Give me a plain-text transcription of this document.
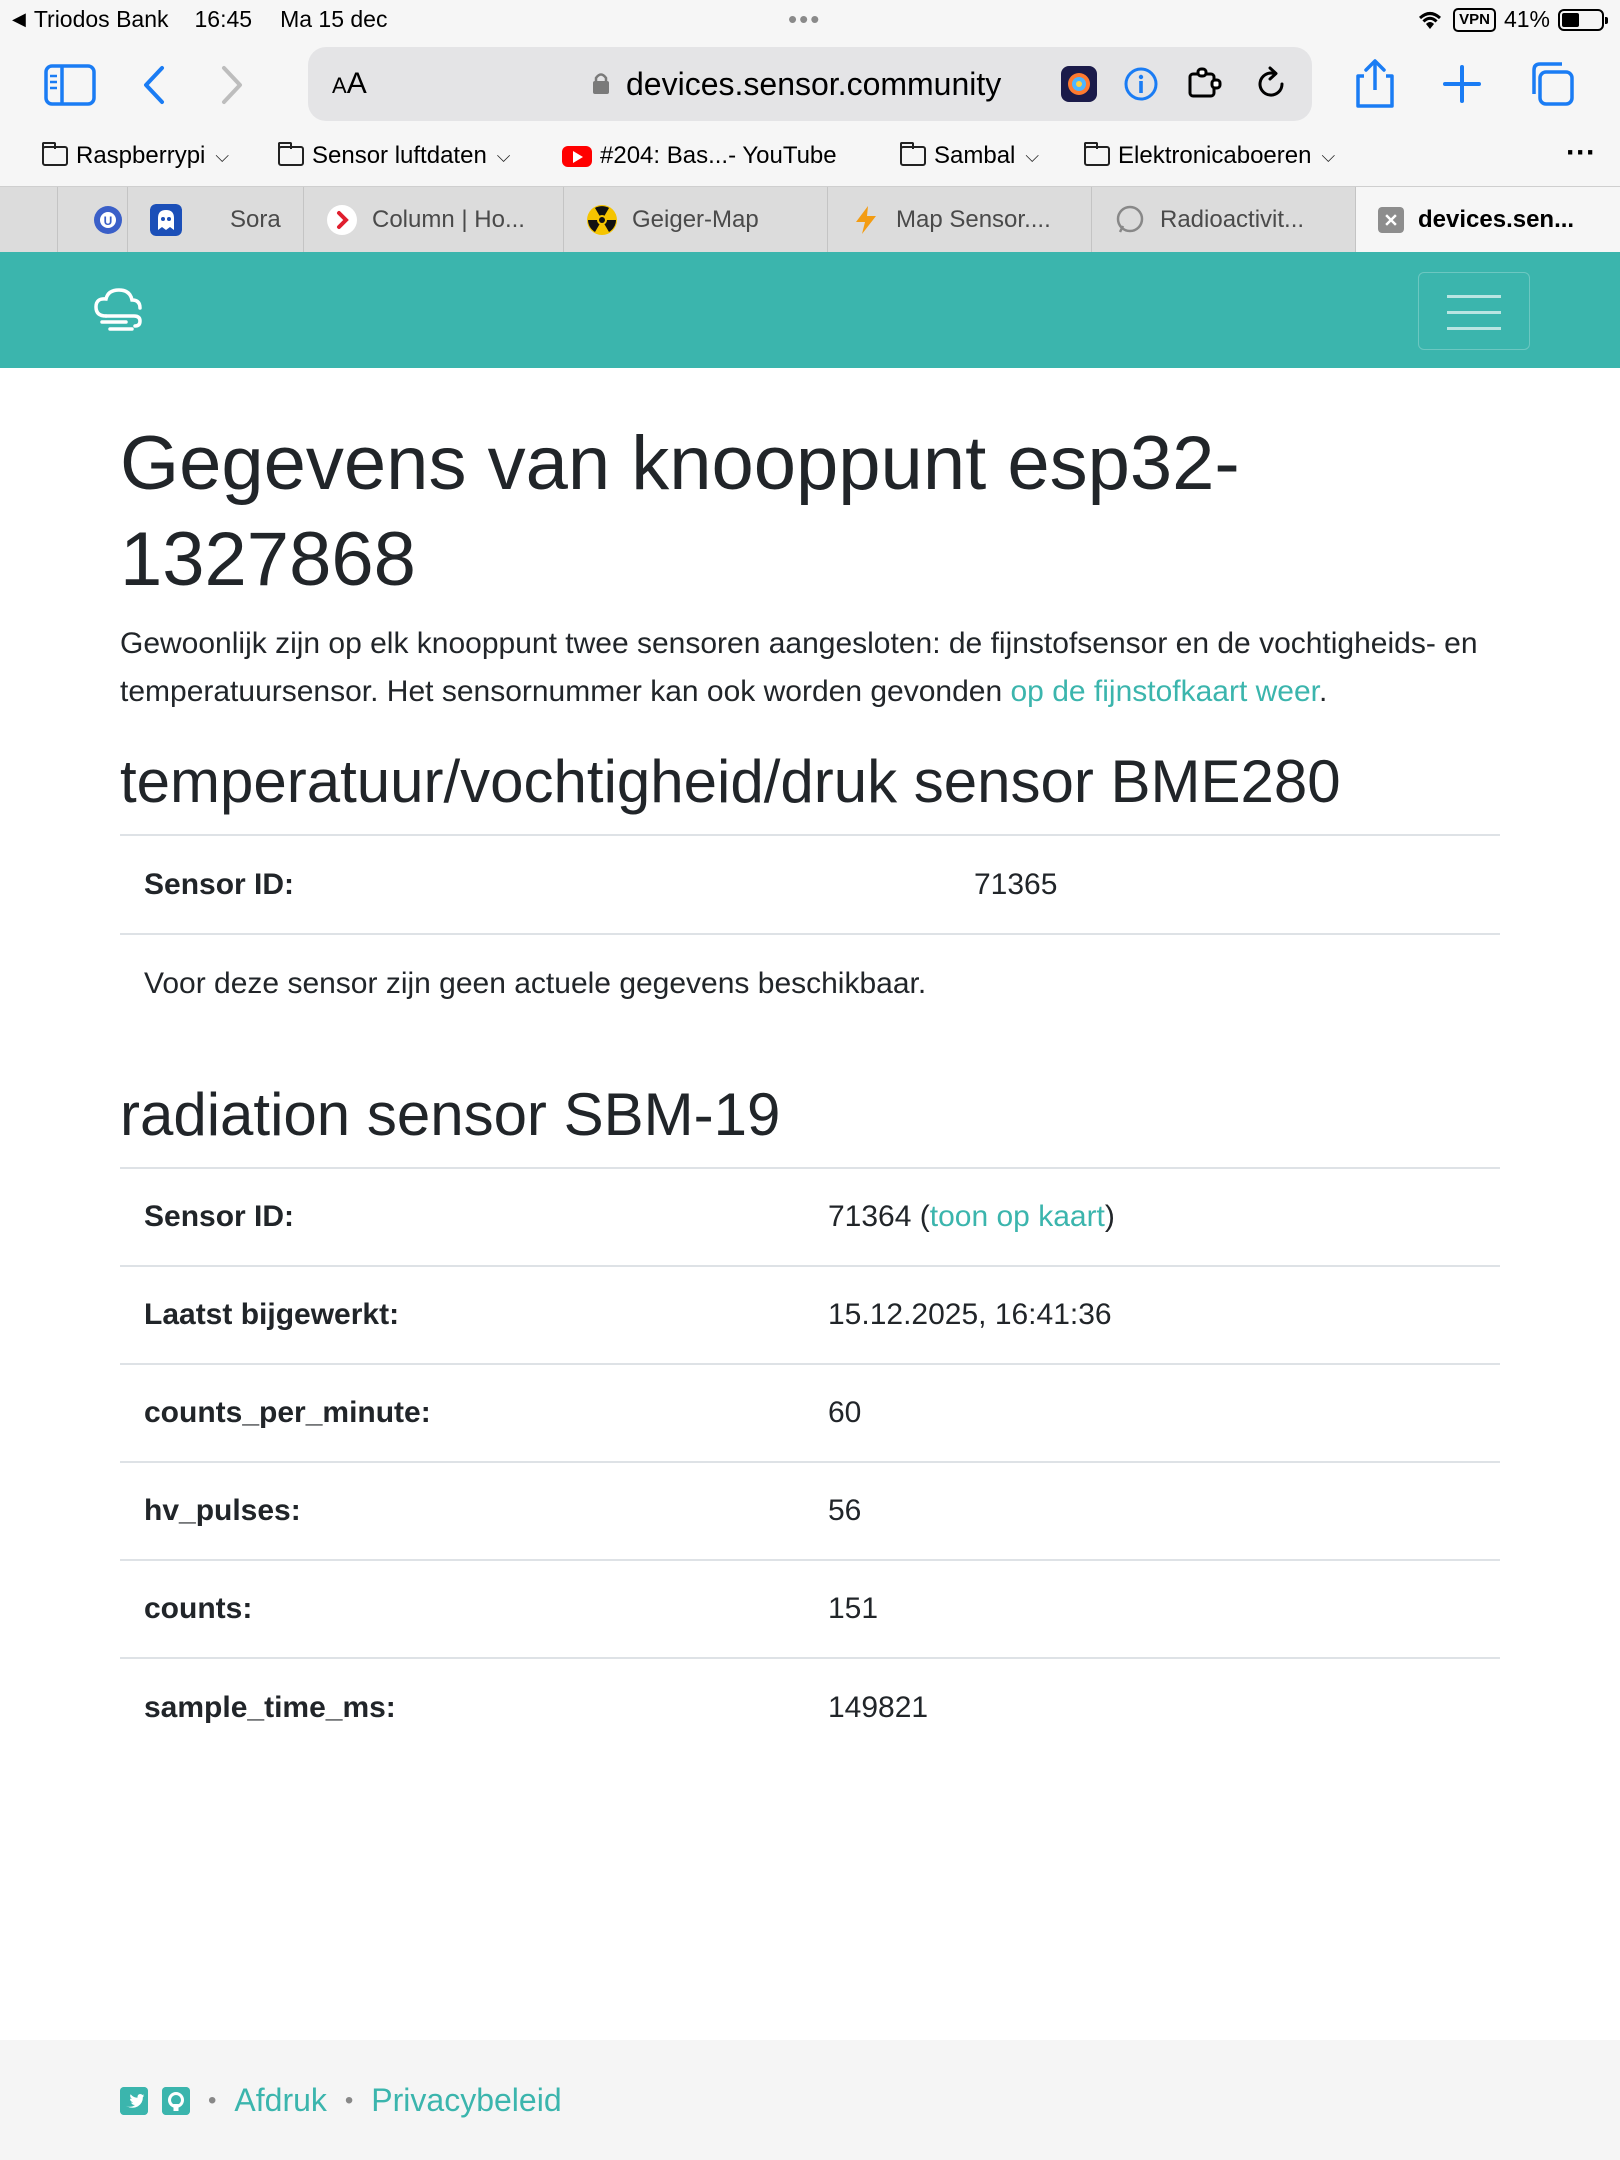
◀ Triodos Bank 16:45 Ma 15 dec	•••	VPN 41%
AA	devices.sensor.community
Raspberrypi ⌵	Sensor luftdaten ⌵	#204: Bas...- YouTube	Sambal ⌵	Elektronicaboeren ⌵	···
U	Sora	Column | Ho...	Geiger-Map	Map Sensor....	Radioactivit...	devices.sen...
Gegevens van knooppunt esp32-1327868

Gewoonlijk zijn op elk knooppunt twee sensoren aangesloten: de fijnstofsensor en de vochtigheids- en temperatuursensor. Het sensornummer kan ook worden gevonden op de fijnstofkaart weer.

temperatuur/vochtigheid/druk sensor BME280
Sensor ID:	71365
Voor deze sensor zijn geen actuele gegevens beschikbaar.
radiation sensor SBM-19
Sensor ID:	71364 (toon op kaart)
Laatst bijgewerkt:	15.12.2025, 16:41:36
counts_per_minute:	60
hv_pulses:	56
counts:	151
sample_time_ms:	149821
• Afdruk • Privacybeleid
